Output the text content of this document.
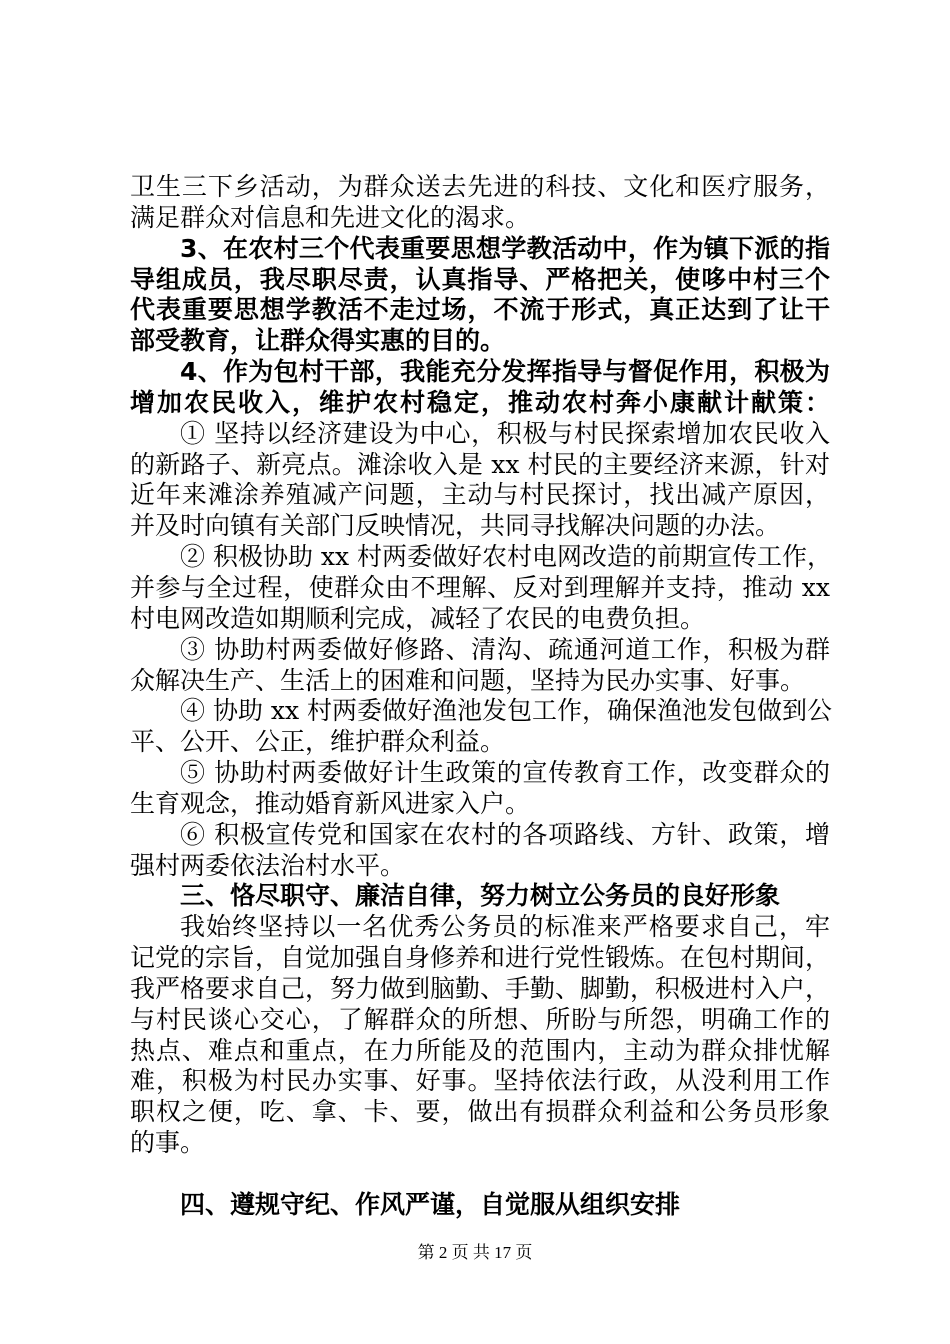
卫生三下乡活动，为群众送去先进的科技、文化和医疗服务，
满足群众对信息和先进文化的渴求。
3、在农村三个代表重要思想学教活动中，作为镇下派的指
导组成员，我尽职尽责，认真指导、严格把关，使哆中村三个
代表重要思想学教活不走过场，不流于形式，真正达到了让干
部受教育，让群众得实惠的目的。
4、作为包村干部，我能充分发挥指导与督促作用，积极为
增加农民收入，维护农村稳定，推动农村奔小康献计献策：
① 坚持以经济建设为中心，积极与村民探索增加农民收入
的新路子、新亮点。滩涂收入是 xx 村民的主要经济来源，针对
近年来滩涂养殖减产问题，主动与村民探讨，找出减产原因，
并及时向镇有关部门反映情况，共同寻找解决问题的办法。
② 积极协助 xx 村两委做好农村电网改造的前期宣传工作，
并参与全过程，使群众由不理解、反对到理解并支持，推动 xx
村电网改造如期顺利完成，减轻了农民的电费负担。
③ 协助村两委做好修路、清沟、疏通河道工作，积极为群
众解决生产、生活上的困难和问题，坚持为民办实事、好事。
④ 协助 xx 村两委做好渔池发包工作，确保渔池发包做到公
平、公开、公正，维护群众利益。
⑤ 协助村两委做好计生政策的宣传教育工作，改变群众的
生育观念，推动婚育新风进家入户。
⑥ 积极宣传党和国家在农村的各项路线、方针、政策，增
强村两委依法治村水平。
三、恪尽职守、廉洁自律，努力树立公务员的良好形象
我始终坚持以一名优秀公务员的标准来严格要求自己，牢
记党的宗旨，自觉加强自身修养和进行党性锻炼。在包村期间，
我严格要求自己，努力做到脑勤、手勤、脚勤，积极进村入户，
与村民谈心交心，了解群众的所想、所盼与所怨，明确工作的
热点、难点和重点，在力所能及的范围内，主动为群众排忧解
难，积极为村民办实事、好事。坚持依法行政，从没利用工作
职权之便，吃、拿、卡、要，做出有损群众利益和公务员形象
的事。
四、遵规守纪、作风严谨，自觉服从组织安排
第 2 页 共 17 页
